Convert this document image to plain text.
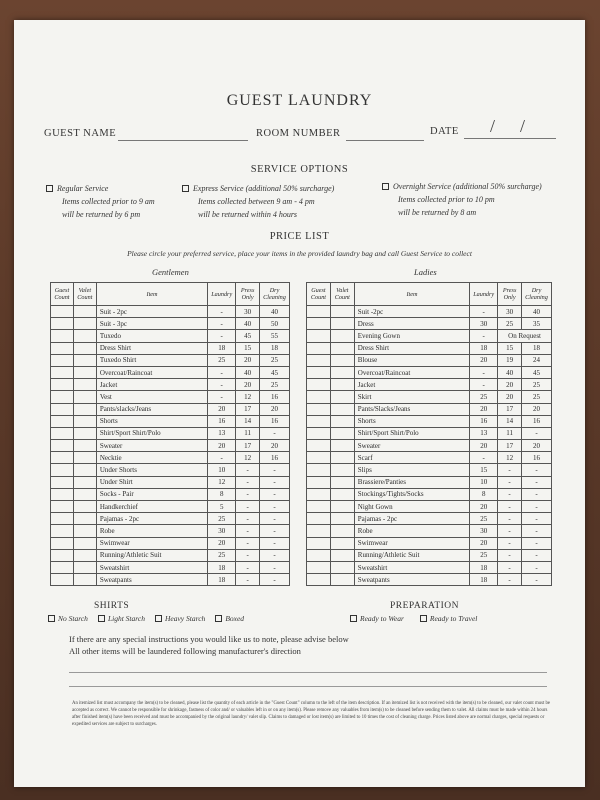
GUEST LAUNDRY
GUEST NAME	ROOM NUMBER	DATE / /
SERVICE OPTIONS
Regular Service
Items collected prior to 9 am
will be returned by 6 pm
Express Service (additional 50% surcharge)
Items collected between 9 am - 4 pm
will be returned within 4 hours
Overnight Service (additional 50% surcharge)
Items collected prior to 10 pm
will be returned by 8 am
PRICE LIST
Please circle your preferred service, place your items in the provided laundry bag and call Guest Service to collect
Gentlemen	Ladies
Guest Count	Valet Count	Item	Laundry	Press Only	Dry Cleaning
		Suit - 2pc	-	30	40
		Suit - 3pc	-	40	50
		Tuxedo	-	45	55
		Dress Shirt	18	15	18
		Tuxedo Shirt	25	20	25
		Overcoat/Raincoat	-	40	45
		Jacket	-	20	25
		Vest	-	12	16
		Pants/slacks/Jeans	20	17	20
		Shorts	16	14	16
		Shirt/Sport Shirt/Polo	13	11	-
		Sweater	20	17	20
		Necktie	-	12	16
		Under Shorts	10	-	-
		Under Shirt	12	-	-
		Socks - Pair	8	-	-
		Handkerchief	5	-	-
		Pajamas - 2pc	25	-	-
		Robe	30	-	-
		Swimwear	20	-	-
		Running/Athletic Suit	25	-	-
		Sweatshirt	18	-	-
		Sweatpants	18	-	-
Guest Count	Valet Count	Item	Laundry	Press Only	Dry Cleaning
		Suit -2pc	-	30	40
		Dress	30	25	35
		Evening Gown	-	On Request	
		Dress Shirt	18	15	18
		Blouse	20	19	24
		Overcoat/Raincoat	-	40	45
		Jacket	-	20	25
		Skirt	25	20	25
		Pants/Slacks/Jeans	20	17	20
		Shorts	16	14	16
		Shirt/Sport Shirt/Polo	13	11	-
		Sweater	20	17	20
		Scarf	-	12	16
		Slips	15	-	-
		Brassiere/Panties	10	-	-
		Stockings/Tights/Socks	8	-	-
		Night Gown	20	-	-
		Pajamas - 2pc	25	-	-
		Robe	30	-	-
		Swimwear	20	-	-
		Running/Athletic Suit	25	-	-
		Sweatshirt	18	-	-
		Sweatpants	18	-	-
SHIRTS
No Starch	Light Starch	Heavy Starch	Boxed
PREPARATION
Ready to Wear	Ready to Travel
If there are any special instructions you would like us to note, please advise below
All other items will be laundered following manufacturer's direction
An itemized list must accompany the item(s) to be cleaned, please list the quantity of each article in the "Guest Count" column to the left of the item description. If an itemized list is not received with the item(s) to be cleaned, our valet count must be accepted as correct. We cannot be responsible for shrinkage, fastness of color and/ or valuables left in or on any item(s). Please remove any valuables from item(s) to be cleaned before sending them to valet. All claims must be made within 24 hours after finished item(s) have been received and must be accompanied by the original laundry/ valet slip. Claims to damaged or lost item(s) are limited to 10 times the cost of cleaning charge. Prices listed above are normal charges, special requests or expedited services are subject to surcharges.
